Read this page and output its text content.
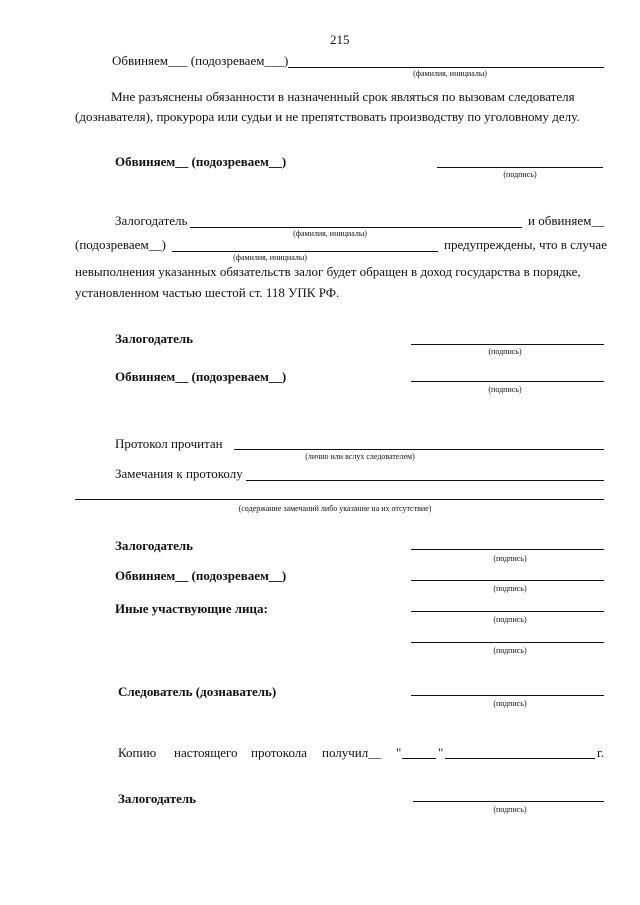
215
Обвиняем___ (подозреваем___)
(фамилия, инициалы)
Мне разъяснены обязанности в назначенный срок являться по вызовам следователя
(дознавателя), прокурора или судьи и не препятствовать производству по уголовному делу.
Обвиняем__ (подозреваем__)
(подпись)
Залогодатель	и обвиняем__
(фамилия, инициалы)
(подозреваем__)	предупреждены, что в случае
(фамилия, инициалы)
невыполнения указанных обязательств залог будет обращен в доход государства в порядке,
установленном частью шестой ст. 118 УПК РФ.
Залогодатель
(подпись)
Обвиняем__ (подозреваем__)
(подпись)
Протокол прочитан
(лично или вслух следователем)
Замечания к протоколу
(содержание замечаний либо указание на их отсутствие)
Залогодатель
(подпись)
Обвиняем__ (подозреваем__)
(подпись)
Иные участвующие лица:
(подпись)
(подпись)
Следователь (дознаватель)
(подпись)
Копию настоящего протокола получил__ "	"	г.
Залогодатель
(подпись)
